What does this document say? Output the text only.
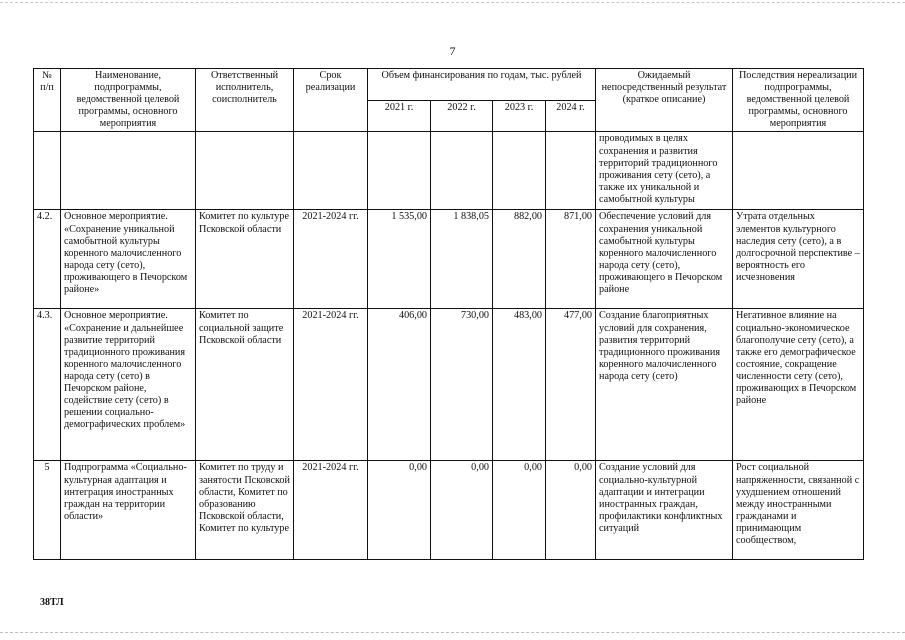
7
№ п/п	Наименование, подпрограммы, ведомственной целевой программы, основного мероприятия	Ответственный исполнитель, соисполнитель	Срок реализации	Объем финансирования по годам, тыс. рублей				Ожидаемый непосредственный результат (краткое описание)	Последствия нереализации подпрограммы, ведомственной целевой программы, основного мероприятия
				2021 г.	2022 г.	2023 г.	2024 г.		
								проводимых в целях сохранения и развития территорий традиционного проживания сету (сето), а также их уникальной и самобытной культуры	
4.2.	Основное мероприятие. «Сохранение уникальной самобытной культуры коренного малочисленного народа сету (сето), проживающего в Печорском районе»	Комитет по культуре Псковской области	2021-2024 гг.	1 535,00	1 838,05	882,00	871,00	Обеспечение условий для сохранения уникальной самобытной культуры коренного малочисленного народа сету (сето), проживающего в Печорском районе	Утрата отдельных элементов культурного наследия сету (сето), а в долгосрочной перспективе – вероятность его исчезновения
4.3.	Основное мероприятие. «Сохранение и дальнейшее развитие территорий традиционного проживания коренного малочисленного народа сету (сето) в Печорском районе, содействие сету (сето) в решении социально-демографических проблем»	Комитет по социальной защите Псковской области	2021-2024 гг.	406,00	730,00	483,00	477,00	Создание благоприятных условий для сохранения, развития территорий традиционного проживания коренного малочисленного народа сету (сето)	Негативное влияние на социально-экономическое благополучие сету (сето), а также его демографическое состояние, сокращение численности сету (сето), проживающих в Печорском районе
5	Подпрограмма «Социально-культурная адаптация и интеграция иностранных граждан на территории области»	Комитет по труду и занятости Псковской области, Комитет по образованию Псковской области, Комитет по культуре	2021-2024 гг.	0,00	0,00	0,00	0,00	Создание условий для социально-культурной адаптации и интеграции иностранных граждан, профилактики конфликтных ситуаций	Рост социальной напряженности, связанной с ухудшением отношений между иностранными гражданами и принимающим сообществом,
38ТЛ
